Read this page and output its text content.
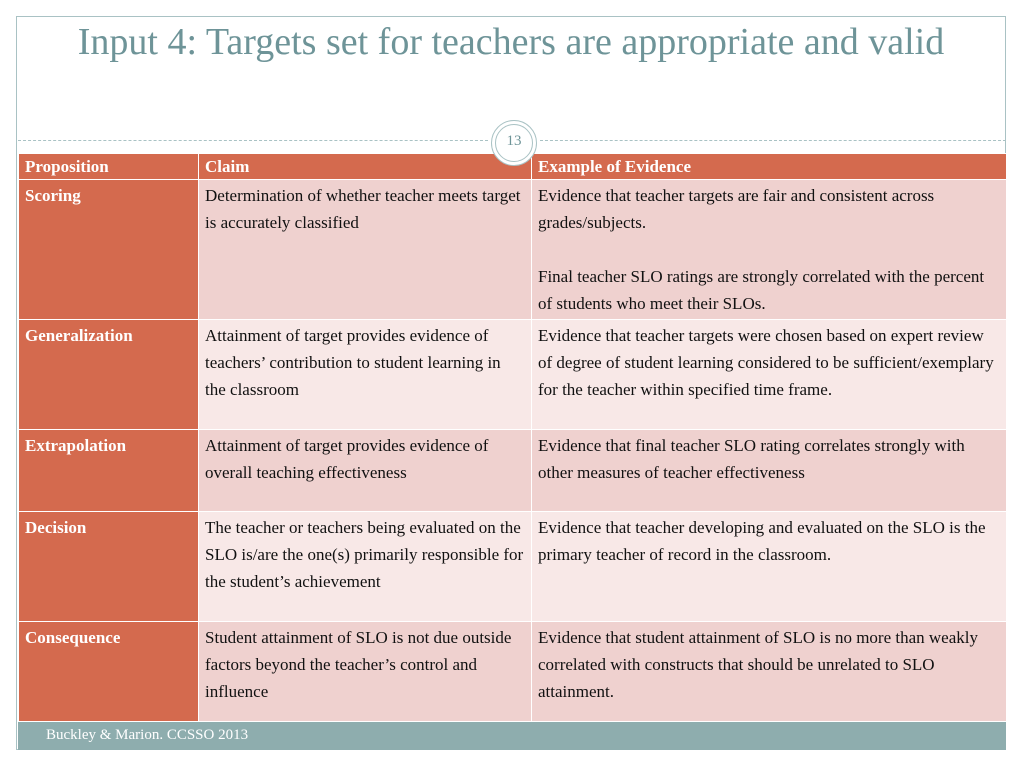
Input 4: Targets set for teachers are appropriate and valid
13
Proposition	Claim	Example of Evidence
Scoring	Determination of whether teacher meets target is accurately classified	Evidence that teacher targets are fair and consistent across grades/subjects.

Final teacher SLO ratings are strongly correlated with the percent of students who meet their SLOs.
Generalization	Attainment of target provides evidence of teachers’ contribution to student learning in the classroom	Evidence that teacher targets were chosen based on expert review of degree of student learning considered to be sufficient/exemplary for the teacher within specified time frame.
Extrapolation	Attainment of target provides evidence of overall teaching effectiveness	Evidence that final teacher SLO rating correlates strongly with other measures of teacher effectiveness
Decision	The teacher or teachers being evaluated on the SLO is/are the one(s) primarily responsible for the student’s achievement	Evidence that teacher developing and evaluated on the SLO is the primary teacher of record in the classroom.
Consequence	Student attainment of SLO is not due outside factors beyond the teacher’s control and influence	Evidence that student attainment of SLO is no more than weakly correlated with constructs that should be unrelated to SLO attainment.
Buckley & Marion. CCSSO 2013
